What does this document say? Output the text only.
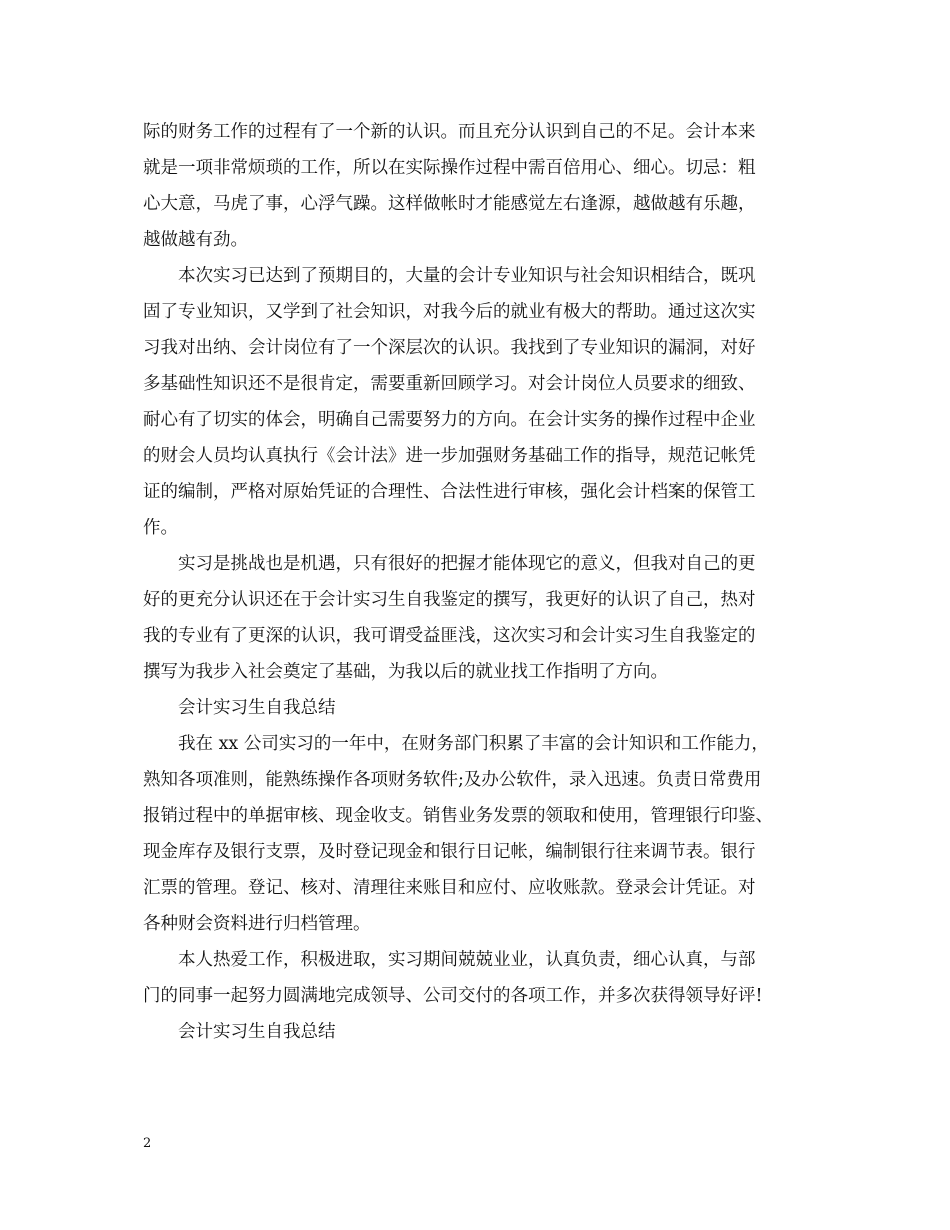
际的财务工作的过程有了一个新的认识。而且充分认识到自己的不足。会计本来
就是一项非常烦琐的工作，所以在实际操作过程中需百倍用心、细心。切忌：粗
心大意，马虎了事，心浮气躁。这样做帐时才能感觉左右逢源，越做越有乐趣，
越做越有劲。
本次实习已达到了预期目的，大量的会计专业知识与社会知识相结合，既巩
固了专业知识，又学到了社会知识，对我今后的就业有极大的帮助。通过这次实
习我对出纳、会计岗位有了一个深层次的认识。我找到了专业知识的漏洞，对好
多基础性知识还不是很肯定，需要重新回顾学习。对会计岗位人员要求的细致、
耐心有了切实的体会，明确自己需要努力的方向。在会计实务的操作过程中企业
的财会人员均认真执行《会计法》进一步加强财务基础工作的指导，规范记帐凭
证的编制，严格对原始凭证的合理性、合法性进行审核，强化会计档案的保管工
作。
实习是挑战也是机遇，只有很好的把握才能体现它的意义，但我对自己的更
好的更充分认识还在于会计实习生自我鉴定的撰写，我更好的认识了自己，热对
我的专业有了更深的认识，我可谓受益匪浅，这次实习和会计实习生自我鉴定的
撰写为我步入社会奠定了基础，为我以后的就业找工作指明了方向。
会计实习生自我总结
我在 xx 公司实习的一年中，在财务部门积累了丰富的会计知识和工作能力，
熟知各项准则，能熟练操作各项财务软件;及办公软件，录入迅速。负责日常费用
报销过程中的单据审核、现金收支。销售业务发票的领取和使用，管理银行印鉴、
现金库存及银行支票，及时登记现金和银行日记帐，编制银行往来调节表。银行
汇票的管理。登记、核对、清理往来账目和应付、应收账款。登录会计凭证。对
各种财会资料进行归档管理。
本人热爱工作，积极进取，实习期间兢兢业业，认真负责，细心认真，与部
门的同事一起努力圆满地完成领导、公司交付的各项工作，并多次获得领导好评!
会计实习生自我总结
2
